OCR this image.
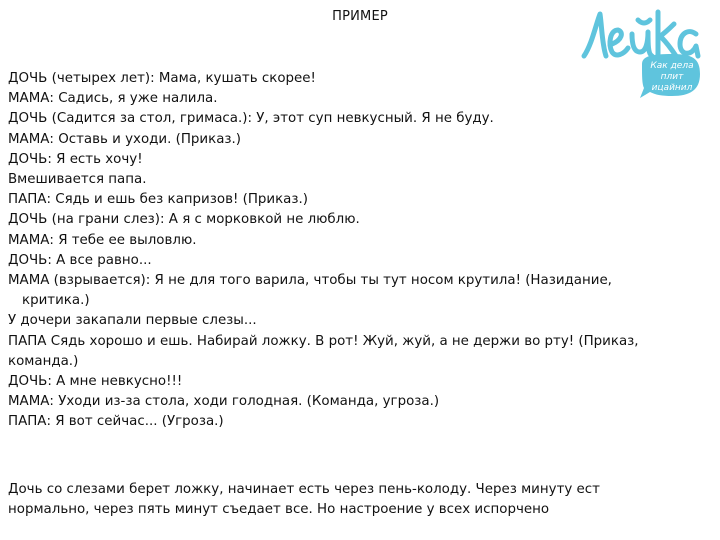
ПРИМЕР
Как дела
плит
ицайнил
ДОЧЬ (четырех лет): Мама, кушать скорее!
МАМА: Садись, я уже налила.
ДОЧЬ (Садится за стол, гримаса.): У, этот суп невкусный. Я не буду.
МАМА: Оставь и уходи. (Приказ.)
ДОЧЬ: Я есть хочу!
Вмешивается папа.
ПАПА: Сядь и ешь без капризов! (Приказ.)
ДОЧЬ (на грани слез): А я с морковкой не люблю.
МАМА: Я тебе ее выловлю.
ДОЧЬ: А все равно...
МАМА (взрывается): Я не для того варила, чтобы ты тут носом крутила! (Назидание,
критика.)
У дочери закапали первые слезы...
ПАПА Сядь хорошо и ешь. Набирай ложку. В рот! Жуй, жуй, а не держи во рту! (Приказ,
команда.)
ДОЧЬ: А мне невкусно!!!
МАМА: Уходи из-за стола, ходи голодная. (Команда, угроза.)
ПАПА: Я вот сейчас... (Угроза.)
Дочь со слезами берет ложку, начинает есть через пень-колоду. Через минуту ест
нормально, через пять минут съедает все. Но настроение у всех испорчено
